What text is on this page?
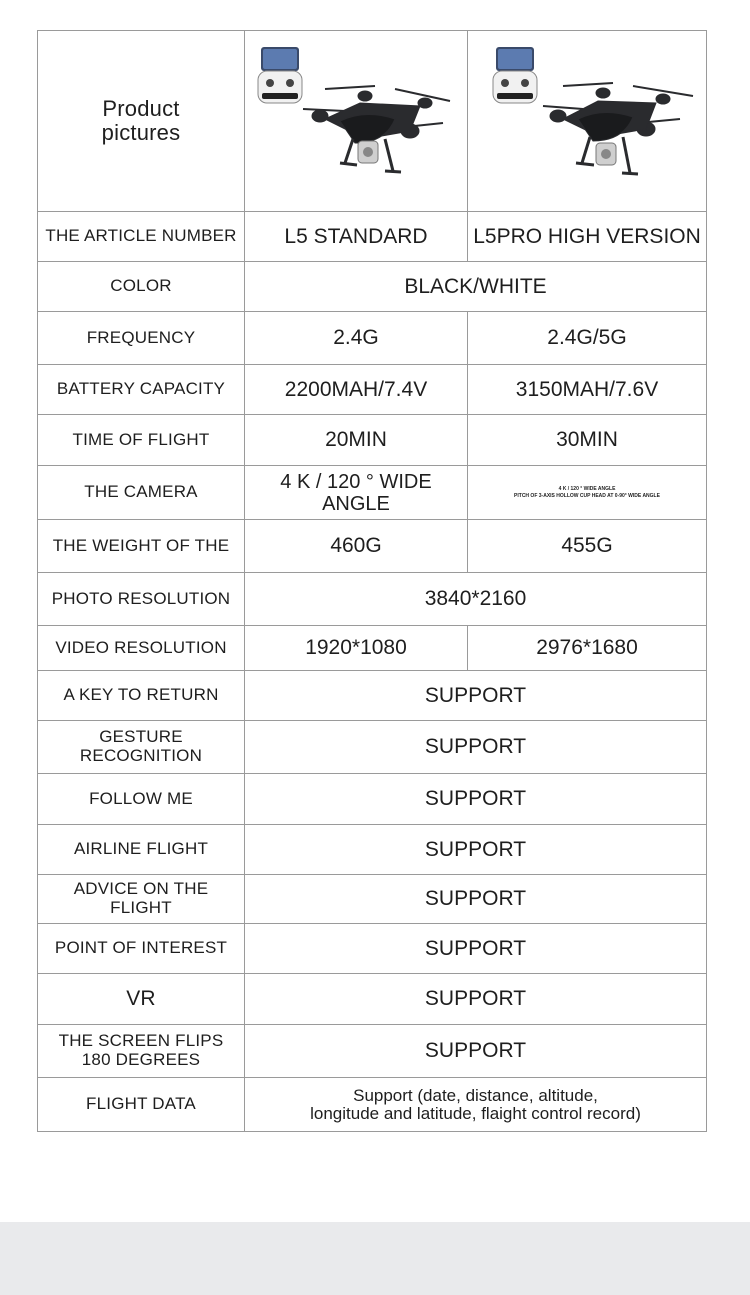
Product
pictures	

THE ARTICLE NUMBER	L5 STANDARD	L5PRO HIGH VERSION
COLOR	BLACK/WHITE	
FREQUENCY	2.4G	2.4G/5G
BATTERY CAPACITY	2200MAH/7.4V	3150MAH/7.6V
TIME OF FLIGHT	20MIN	30MIN
THE CAMERA	4 K / 120 ° WIDE ANGLE	4 K / 120 ° WIDE ANGLE
PITCH OF 3-AXIS HOLLOW CUP HEAD AT 0-90° WIDE ANGLE

THE WEIGHT OF THE	460G	455G
PHOTO RESOLUTION	3840*2160	
VIDEO RESOLUTION	1920*1080	2976*1680
A KEY TO RETURN	SUPPORT	
GESTURE RECOGNITION	SUPPORT	
FOLLOW ME	SUPPORT	
AIRLINE FLIGHT	SUPPORT	
ADVICE ON THE FLIGHT	SUPPORT	
POINT OF INTEREST	SUPPORT	
VR	SUPPORT	
THE SCREEN FLIPS
180 DEGREES	SUPPORT	
FLIGHT DATA	Support (date, distance, altitude,
longitude and latitude, flaight control record)	
